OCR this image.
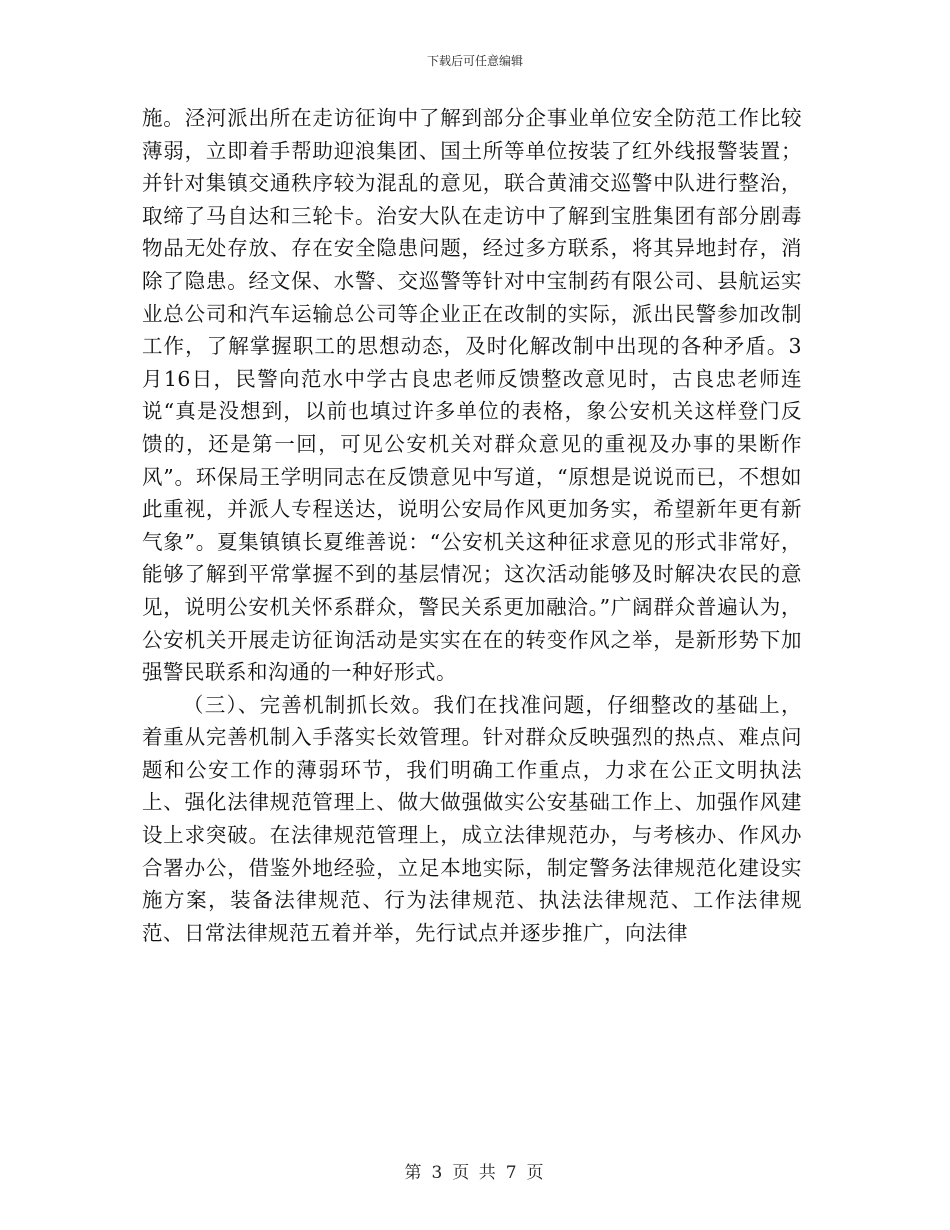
下载后可任意编辑

施。泾河派出所在走访征询中了解到部分企事业单位安全防范工作比较薄弱，立即着手帮助迎浪集团、国土所等单位按装了红外线报警装置；并针对集镇交通秩序较为混乱的意见，联合黄浦交巡警中队进行整治，取缔了马自达和三轮卡。治安大队在走访中了解到宝胜集团有部分剧毒物品无处存放、存在安全隐患问题，经过多方联系，将其异地封存，消除了隐患。经文保、水警、交巡警等针对中宝制药有限公司、县航运实业总公司和汽车运输总公司等企业正在改制的实际，派出民警参加改制工作，了解掌握职工的思想动态，及时化解改制中出现的各种矛盾。3月16日，民警向范水中学古良忠老师反馈整改意见时，古良忠老师连说“真是没想到，以前也填过许多单位的表格，象公安机关这样登门反馈的，还是第一回，可见公安机关对群众意见的重视及办事的果断作风”。环保局王学明同志在反馈意见中写道，“原想是说说而已，不想如此重视，并派人专程送达，说明公安局作风更加务实，希望新年更有新气象”。夏集镇镇长夏维善说：“公安机关这种征求意见的形式非常好，能够了解到平常掌握不到的基层情况；这次活动能够及时解决农民的意见，说明公安机关怀系群众，警民关系更加融洽。”广阔群众普遍认为，公安机关开展走访征询活动是实实在在的转变作风之举，是新形势下加强警民联系和沟通的一种好形式。

（三）、完善机制抓长效。我们在找准问题，仔细整改的基础上，着重从完善机制入手落实长效管理。针对群众反映强烈的热点、难点问题和公安工作的薄弱环节，我们明确工作重点，力求在公正文明执法上、强化法律规范管理上、做大做强做实公安基础工作上、加强作风建设上求突破。在法律规范管理上，成立法律规范办，与考核办、作风办合署办公，借鉴外地经验，立足本地实际，制定警务法律规范化建设实施方案，装备法律规范、行为法律规范、执法法律规范、工作法律规范、日常法律规范五着并举，先行试点并逐步推广，向法律

第 3 页 共 7 页
